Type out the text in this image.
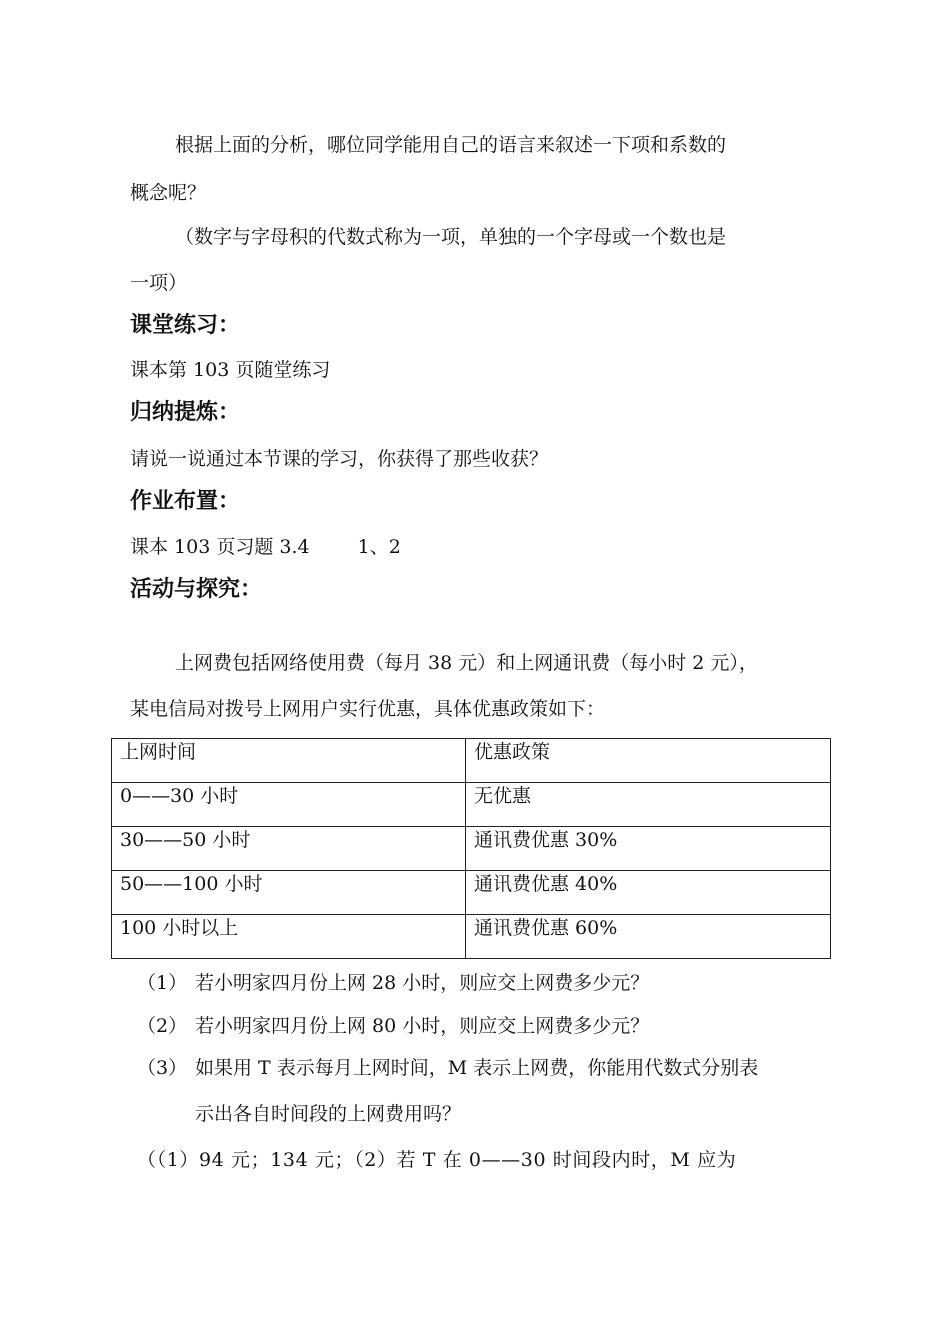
根据上面的分析，哪位同学能用自己的语言来叙述一下项和系数的

概念呢？

（数字与字母积的代数式称为一项，单独的一个字母或一个数也是

一项）

课堂练习：

课本第 103 页随堂练习

归纳提炼：

请说一说通过本节课的学习，你获得了那些收获？

作业布置：

课本 103 页习题 3.4	1、2

活动与探究：

上网费包括网络使用费（每月 38 元）和上网通讯费（每小时 2 元），

某电信局对拨号上网用户实行优惠，具体优惠政策如下：

上网时间	优惠政策
0——30 小时	无优惠
30——50 小时	通讯费优惠 30%
50——100 小时	通讯费优惠 40%
100 小时以上	通讯费优惠 60%

（1） 若小明家四月份上网 28 小时，则应交上网费多少元？

（2） 若小明家四月份上网 80 小时，则应交上网费多少元？

（3） 如果用 T 表示每月上网时间，M 表示上网费，你能用代数式分别表

示出各自时间段的上网费用吗？

（（1）94 元；134 元；（2）若 T 在 0——30 时间段内时，M 应为
